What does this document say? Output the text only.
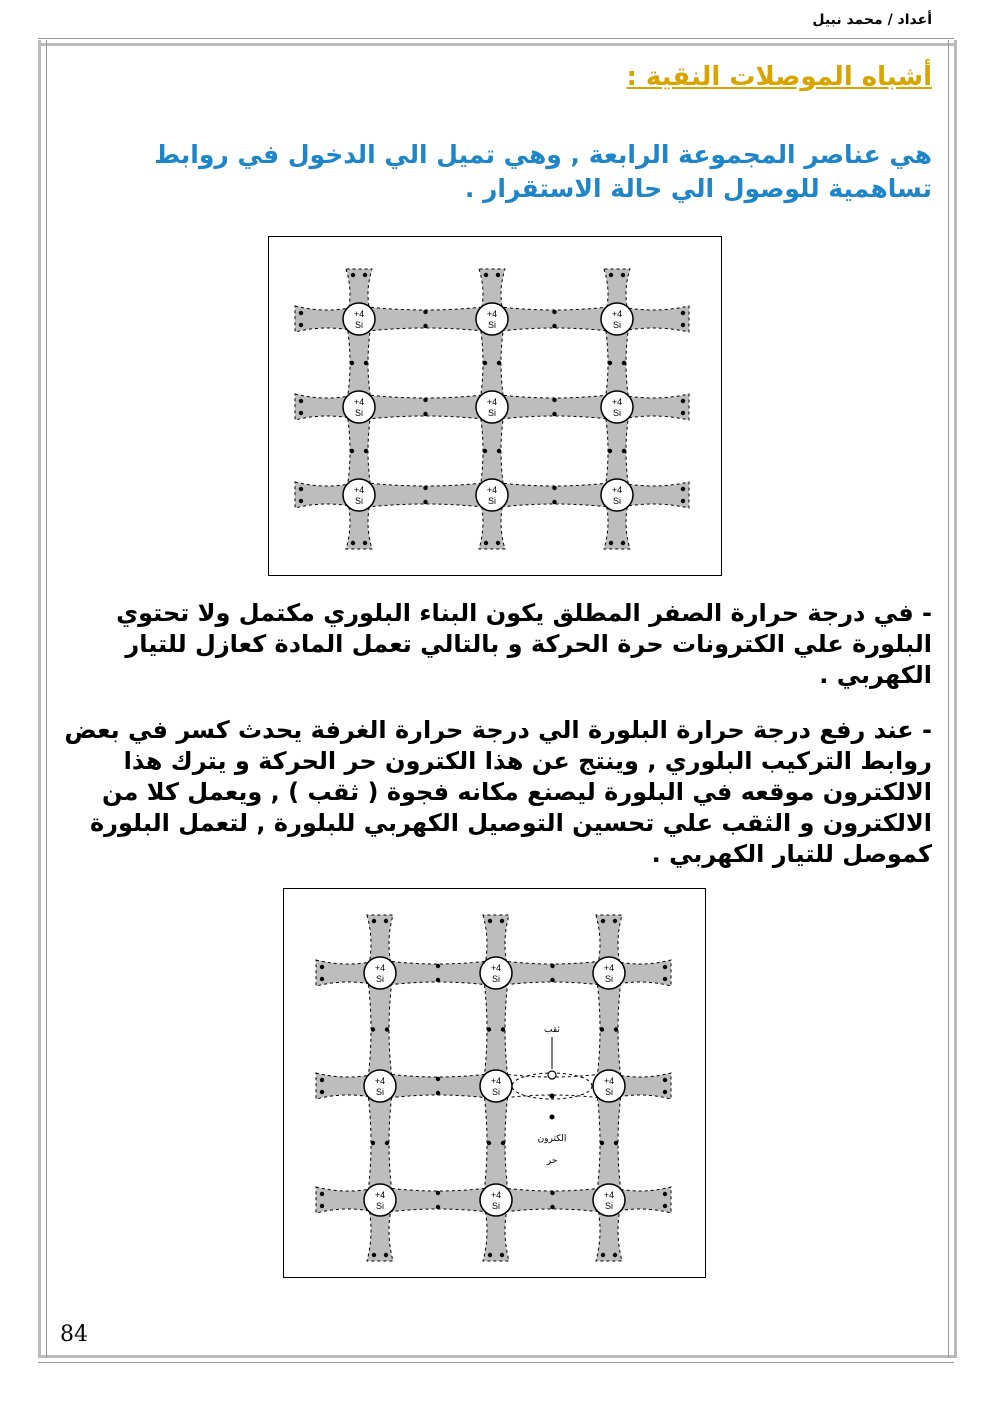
أعداد / محمد نبيل
أشباه الموصلات النقية :

هي عناصر المجموعة الرابعة , وهي تميل الي الدخول في روابط تساهمية للوصول الي حالة الاستقرار .

+4
Si
+4
Si
+4
Si
+4
Si
+4
Si
+4
Si
+4
Si
+4
Si
+4
Si

- في درجة حرارة الصفر المطلق يكون البناء البلوري مكتمل ولا تحتوي البلورة علي الكترونات حرة الحركة و بالتالي تعمل المادة كعازل للتيار الكهربي .

- عند رفع درجة حرارة البلورة الي درجة حرارة الغرفة يحدث كسر في بعض روابط التركيب البلوري , وينتج عن هذا الكترون حر الحركة و يترك هذا الالكترون موقعه في البلورة ليصنع مكانه فجوة ( ثقب ) , ويعمل كلا من الالكترون و الثقب علي تحسين التوصيل الكهربي للبلورة , لتعمل البلورة كموصل للتيار الكهربي .

+4
Si
+4
Si
+4
Si
+4
Si
+4
Si
+4
Si
+4
Si
+4
Si
+4
Si
ثقب
الكترون
حر
84
